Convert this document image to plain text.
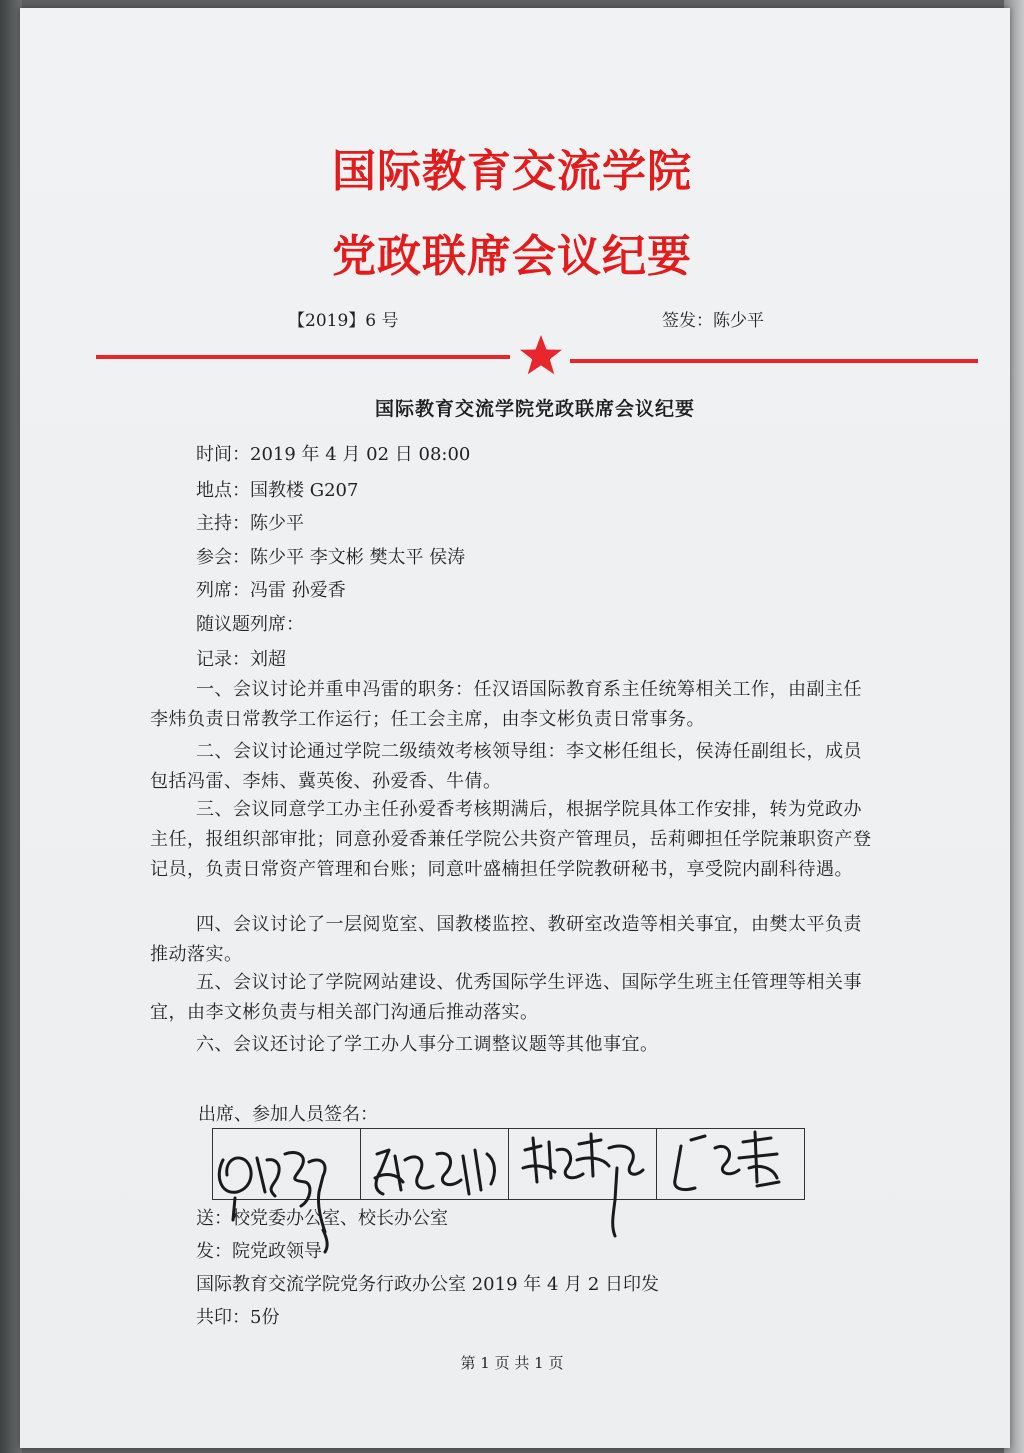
国际教育交流学院
党政联席会议纪要
【2019】6 号	签发：陈少平
国际教育交流学院党政联席会议纪要
时间：2019 年 4 月 02 日 08:00
地点：国教楼 G207
主持：陈少平
参会：陈少平 李文彬 樊太平 侯涛
列席：冯雷 孙爱香
随议题列席：
记录：刘超
一、会议讨论并重申冯雷的职务：任汉语国际教育系主任统筹相关工作，由副主任李炜负责日常教学工作运行；任工会主席，由李文彬负责日常事务。
二、会议讨论通过学院二级绩效考核领导组：李文彬任组长，侯涛任副组长，成员包括冯雷、李炜、冀英俊、孙爱香、牛倩。
三、会议同意学工办主任孙爱香考核期满后，根据学院具体工作安排，转为党政办主任，报组织部审批；同意孙爱香兼任学院公共资产管理员，岳莉卿担任学院兼职资产登记员，负责日常资产管理和台账；同意叶盛楠担任学院教研秘书，享受院内副科待遇。
四、会议讨论了一层阅览室、国教楼监控、教研室改造等相关事宜，由樊太平负责推动落实。
五、会议讨论了学院网站建设、优秀国际学生评选、国际学生班主任管理等相关事宜，由李文彬负责与相关部门沟通后推动落实。
六、会议还讨论了学工办人事分工调整议题等其他事宜。
出席、参加人员签名：

送：校党委办公室、校长办公室
发：院党政领导
国际教育交流学院党务行政办公室 2019 年 4 月 2 日印发
共印：5份
第 1 页 共 1 页
